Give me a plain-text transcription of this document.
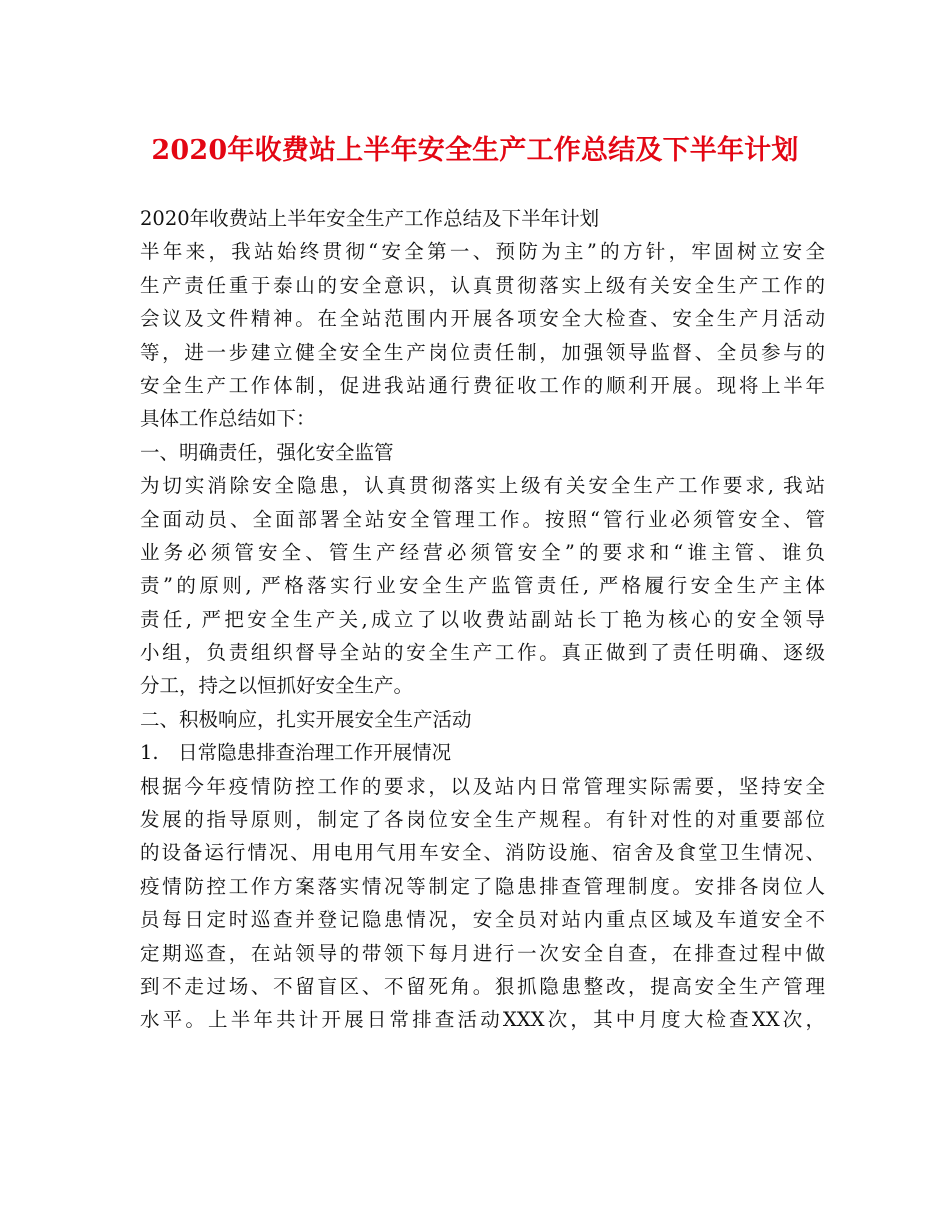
2020年收费站上半年安全生产工作总结及下半年计划
2020年收费站上半年安全生产工作总结及下半年计划
半年来，我站始终贯彻“安全第一、预防为主”的方针，牢固树立安全
生产责任重于泰山的安全意识，认真贯彻落实上级有关安全生产工作的
会议及文件精神。在全站范围内开展各项安全大检查、安全生产月活动
等，进一步建立健全安全生产岗位责任制，加强领导监督、全员参与的
安全生产工作体制，促进我站通行费征收工作的顺利开展。现将上半年
具体工作总结如下：
一、明确责任，强化安全监管
为切实消除安全隐患，认真贯彻落实上级有关安全生产工作要求, 我站
全面动员、全面部署全站安全管理工作。按照“管行业必须管安全、管
业务必须管安全、管生产经营必须管安全”的要求和“谁主管、谁负
责”的原则, 严格落实行业安全生产监管责任, 严格履行安全生产主体
责任, 严把安全生产关,成立了以收费站副站长丁艳为核心的安全领导
小组，负责组织督导全站的安全生产工作。真正做到了责任明确、逐级
分工，持之以恒抓好安全生产。
二、积极响应，扎实开展安全生产活动
1. 日常隐患排查治理工作开展情况
根据今年疫情防控工作的要求，以及站内日常管理实际需要，坚持安全
发展的指导原则，制定了各岗位安全生产规程。有针对性的对重要部位
的设备运行情况、用电用气用车安全、消防设施、宿舍及食堂卫生情况、
疫情防控工作方案落实情况等制定了隐患排查管理制度。安排各岗位人
员每日定时巡查并登记隐患情况，安全员对站内重点区域及车道安全不
定期巡查，在站领导的带领下每月进行一次安全自查，在排查过程中做
到不走过场、不留盲区、不留死角。狠抓隐患整改，提高安全生产管理
水平。上半年共计开展日常排查活动XXX次，其中月度大检查XX次，
